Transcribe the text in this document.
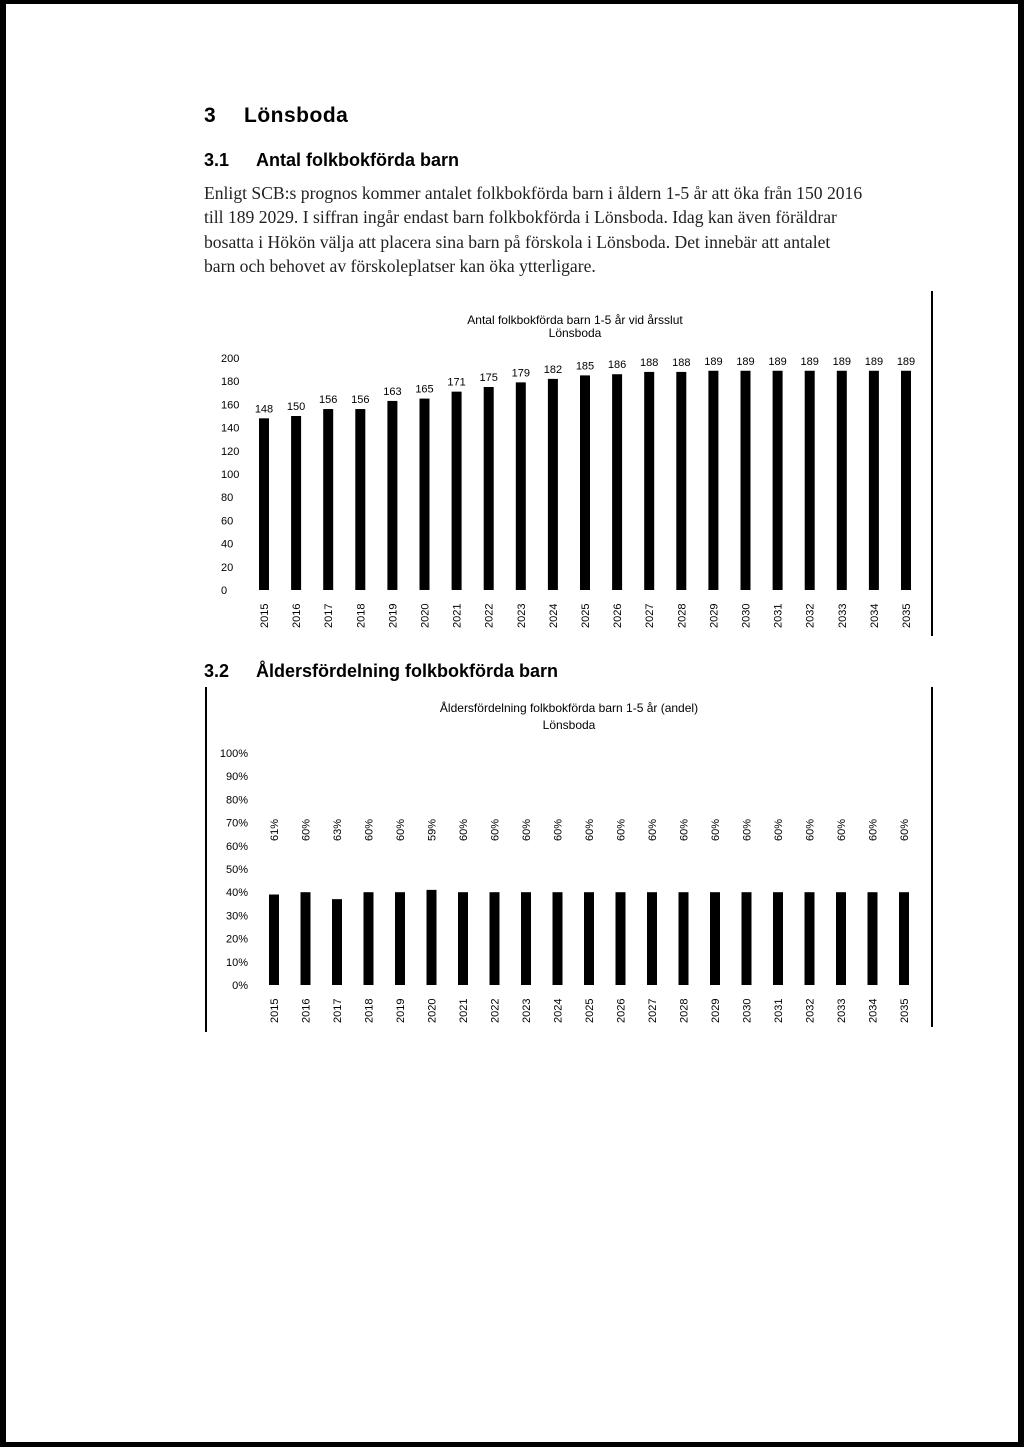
3 Lönsboda
3.1 Antal folkbokförda barn

Enligt SCB:s prognos kommer antalet folkbokförda barn i åldern 1-5 år att öka från 150 2016 till 189 2029. I siffran ingår endast barn folkbokförda i Lönsboda. Idag kan även föräldrar bosatta i Hökön välja att placera sina barn på förskola i Lönsboda. Det innebär att antalet barn och behovet av förskoleplatser kan öka ytterligare.

3.2 Åldersfördelning folkbokförda barn
Antal folkbokförda barn 1-5 år vid årsslut
Lönsboda
0
20
40
60
80
100
120
140
160
180
200
148
2015
150
2016
156
2017
156
2018
163
2019
165
2020
171
2021
175
2022
179
2023
182
2024
185
2025
186
2026
188
2027
188
2028
189
2029
189
2030
189
2031
189
2032
189
2033
189
2034
189
2035
Åldersfördelning folkbokförda barn 1-5 år (andel)
Lönsboda
0%
10%
20%
30%
40%
50%
60%
70%
80%
90%
100%
61%
2015
60%
2016
63%
2017
60%
2018
60%
2019
59%
2020
60%
2021
60%
2022
60%
2023
60%
2024
60%
2025
60%
2026
60%
2027
60%
2028
60%
2029
60%
2030
60%
2031
60%
2032
60%
2033
60%
2034
60%
2035
